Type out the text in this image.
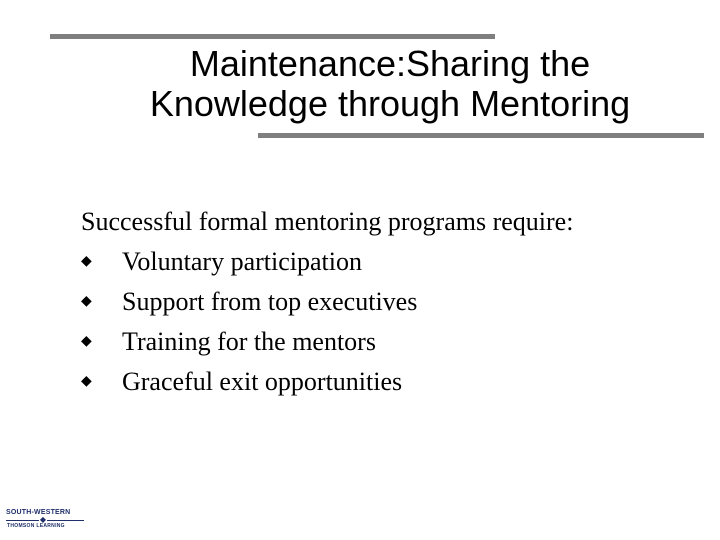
Maintenance:Sharing the
Knowledge through Mentoring
Successful formal mentoring programs require:
◆ Voluntary participation
◆ Support from top executives
◆ Training for the mentors
◆ Graceful exit opportunities
SOUTH-WESTERN
◆
THOMSON LEARNING
